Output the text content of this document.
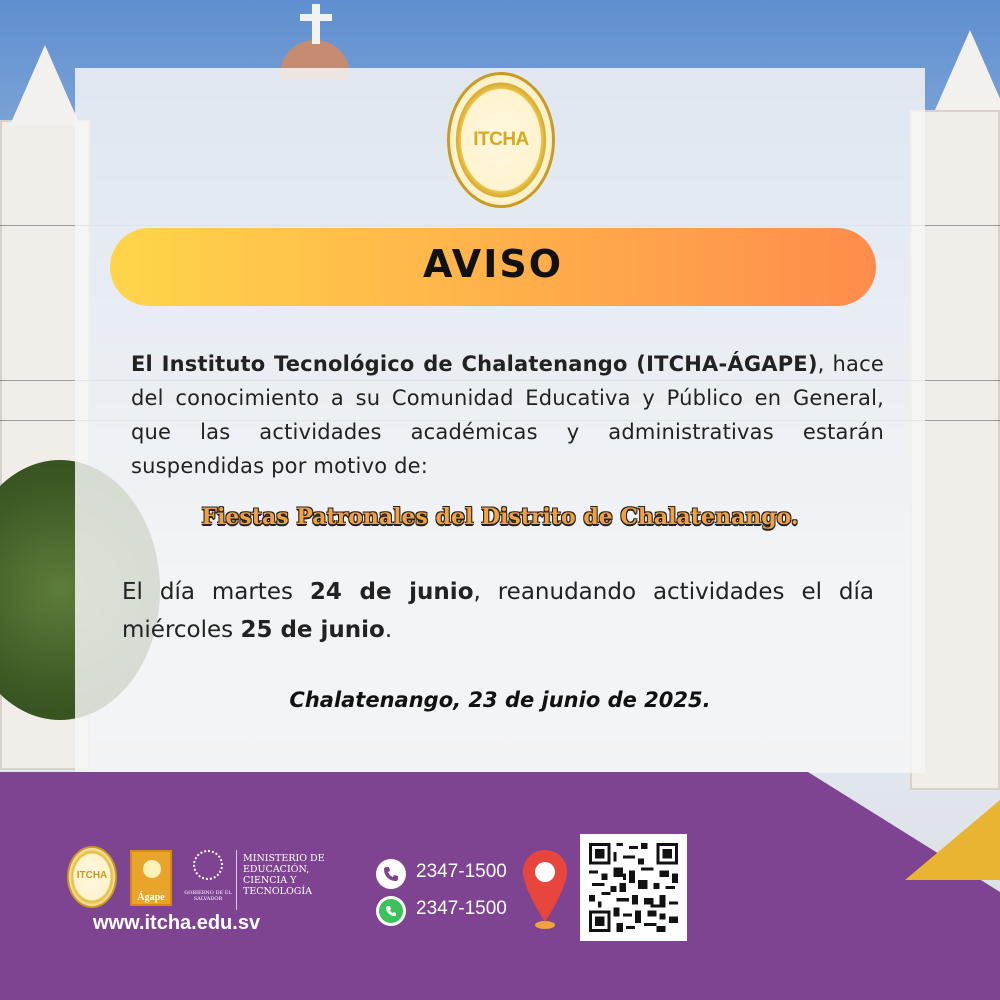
ITCHA
AVISO
El Instituto Tecnológico de Chalatenango (ITCHA-ÁGAPE), hace del conocimiento a su Comunidad Educativa y Público en General, que las actividades académicas y administrativas estarán suspendidas por motivo de:
Fiestas Patronales del Distrito de Chalatenango.
El día martes 24 de junio, reanudando actividades el día miércoles 25 de junio.
Chalatenango, 23 de junio de 2025.
ITCHA
Ágape	GOBIERNO DE EL SALVADOR
MINISTERIO DE EDUCACIÓN, CIENCIA Y TECNOLOGÍA
www.itcha.edu.sv
2347-1500
2347-1500
